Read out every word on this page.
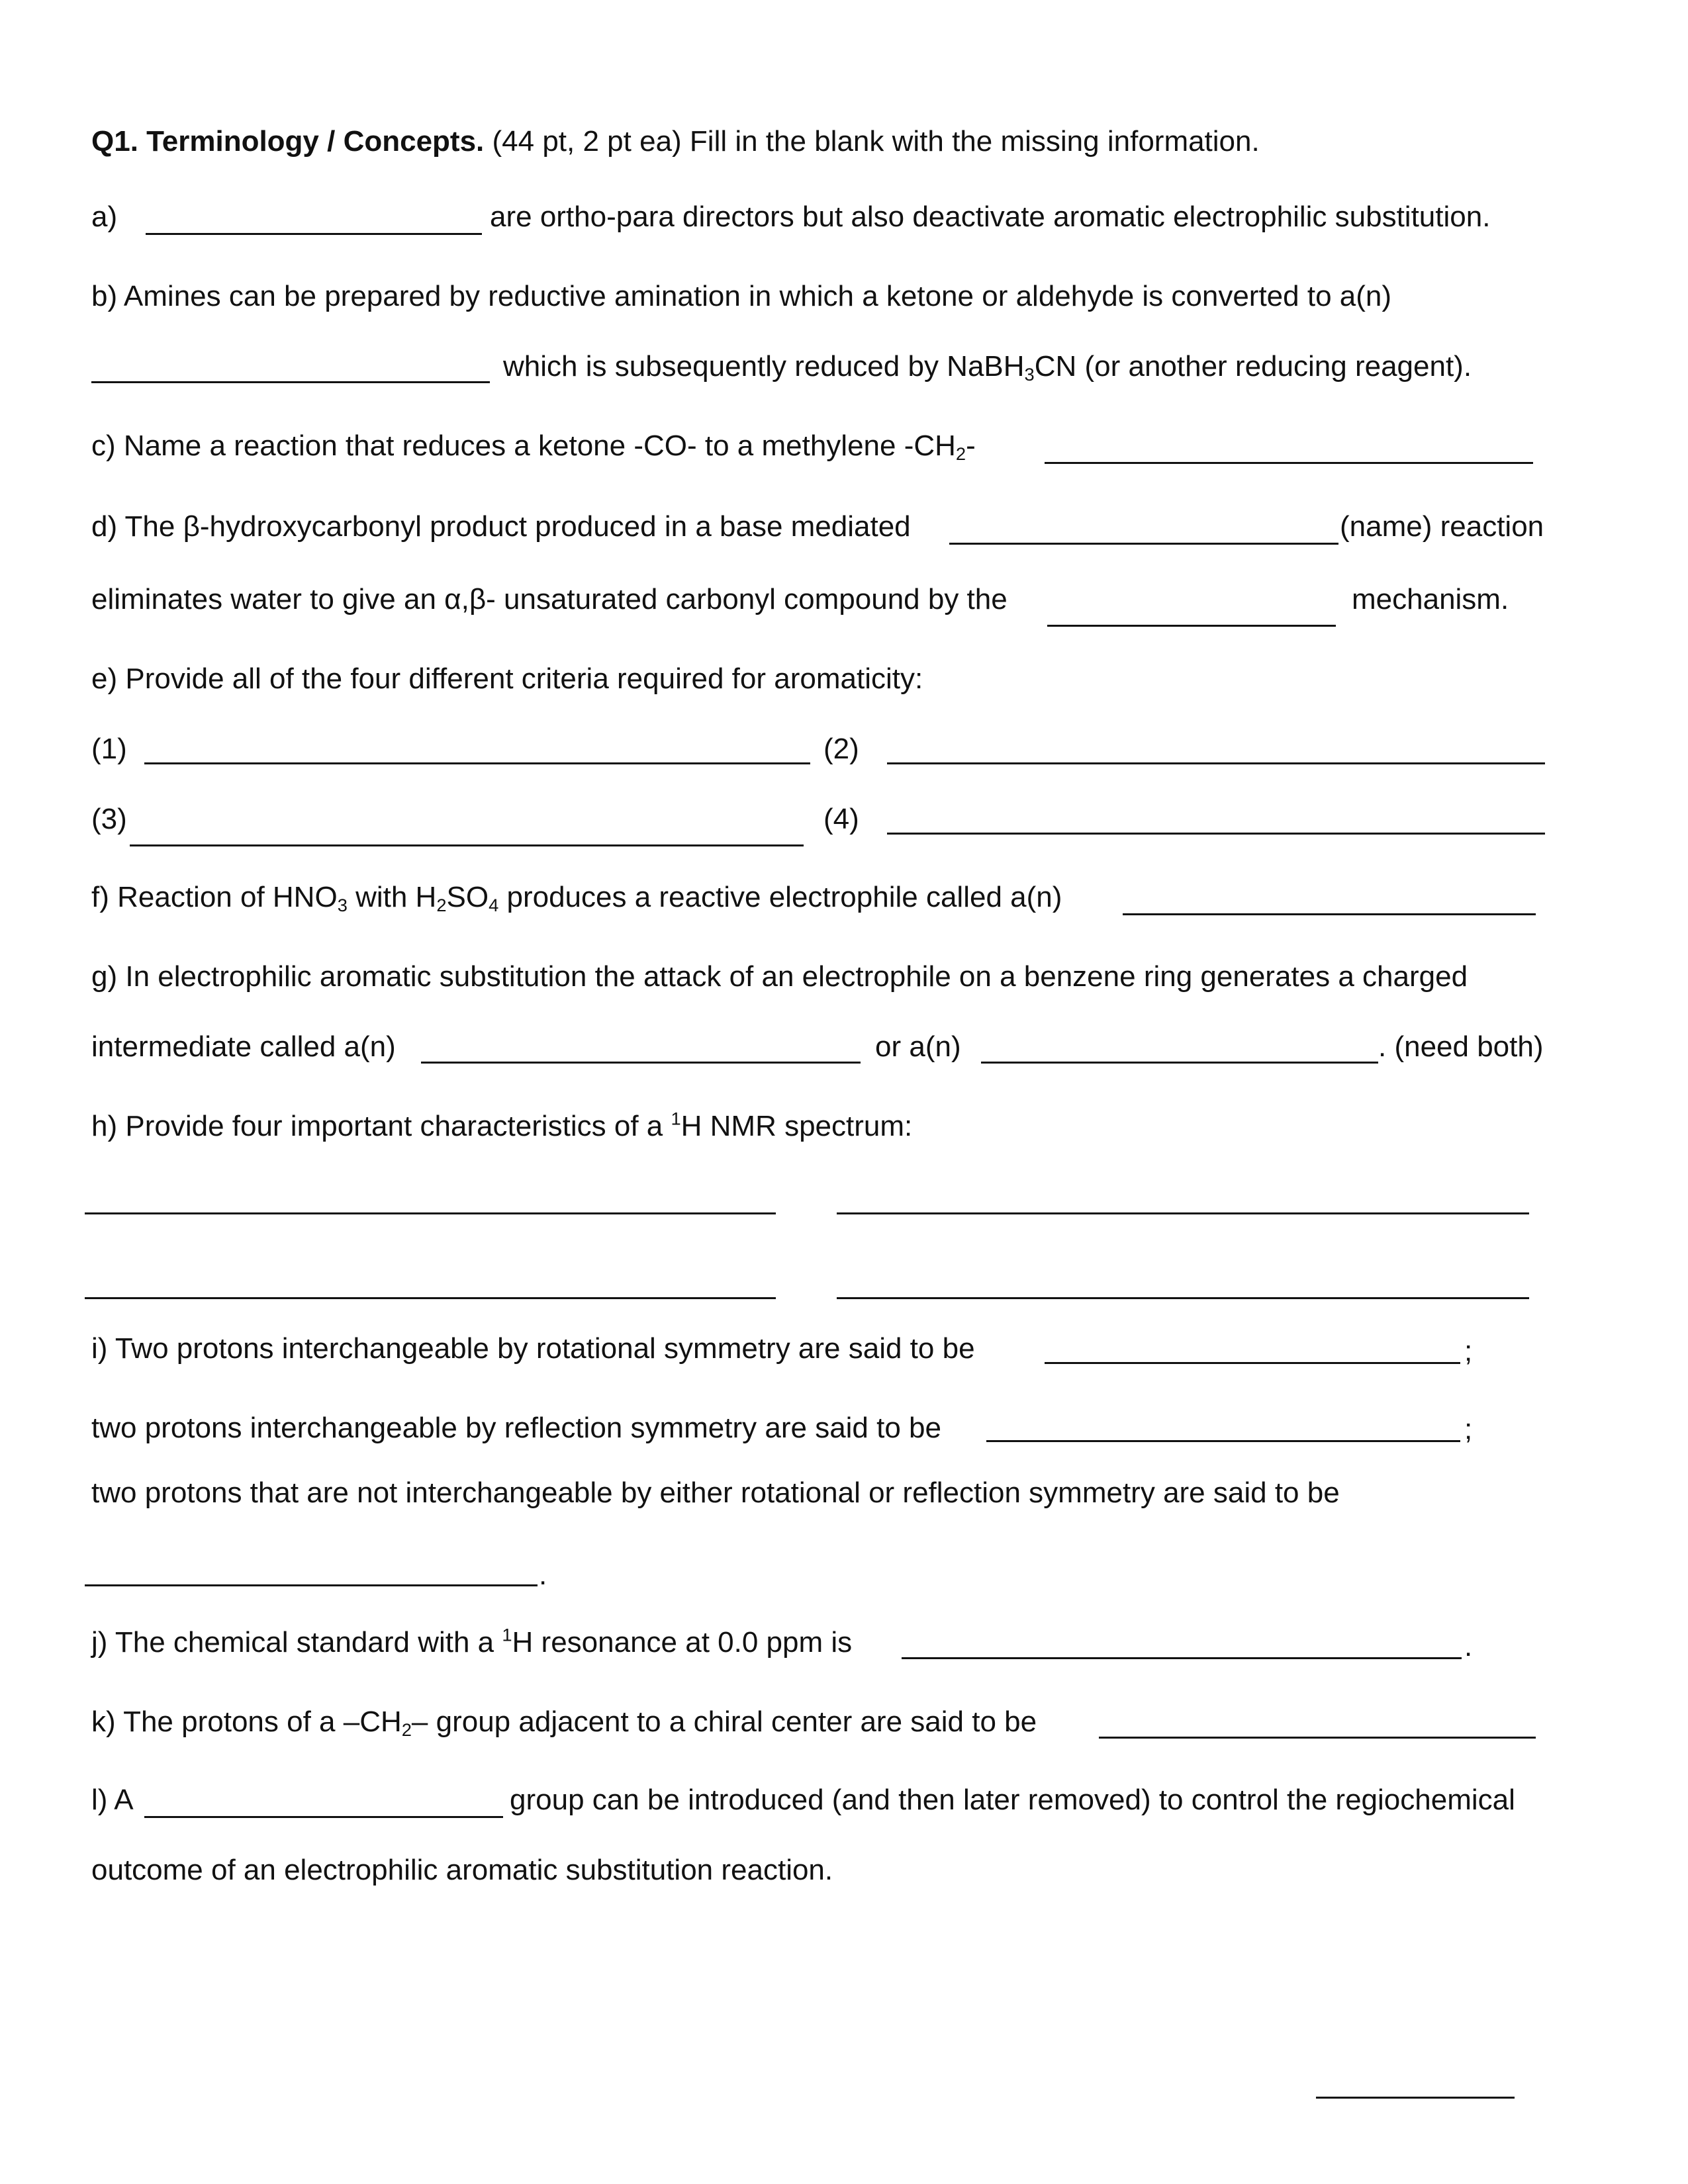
Q1. Terminology / Concepts. (44 pt, 2 pt ea) Fill in the blank with the missing information.
a)	are ortho-para directors but also deactivate aromatic electrophilic substitution.
b) Amines can be prepared by reductive amination in which a ketone or aldehyde is converted to a(n)
which is subsequently reduced by NaBH$_3$CN (or another reducing reagent).
c) Name a reaction that reduces a ketone -CO- to a methylene $-CH_2-$
d) The β-hydroxycarbonyl product produced in a base mediated	(name) reaction
eliminates water to give an α,β- unsaturated carbonyl compound by the	mechanism.
e) Provide all of the four different criteria required for aromaticity:
(1)	(2)
(3)	(4)
f) Reaction of $HNO_3$ with $H_2SO_4$ produces a reactive electrophile called a(n)
g) In electrophilic aromatic substitution the attack of an electrophile on a benzene ring generates a charged
intermediate called a(n)	or a(n)	. (need both)
h) Provide four important characteristics of a $^1$H NMR spectrum:
i) Two protons interchangeable by rotational symmetry are said to be	;
two protons interchangeable by reflection symmetry are said to be	;
two protons that are not interchangeable by either rotational or reflection symmetry are said to be
.
j) The chemical standard with a $^1$H resonance at 0.0 ppm is	.
k) The protons of a $-CH_2-$ group adjacent to a chiral center are said to be
l) A	group can be introduced (and then later removed) to control the regiochemical
outcome of an electrophilic aromatic substitution reaction.
